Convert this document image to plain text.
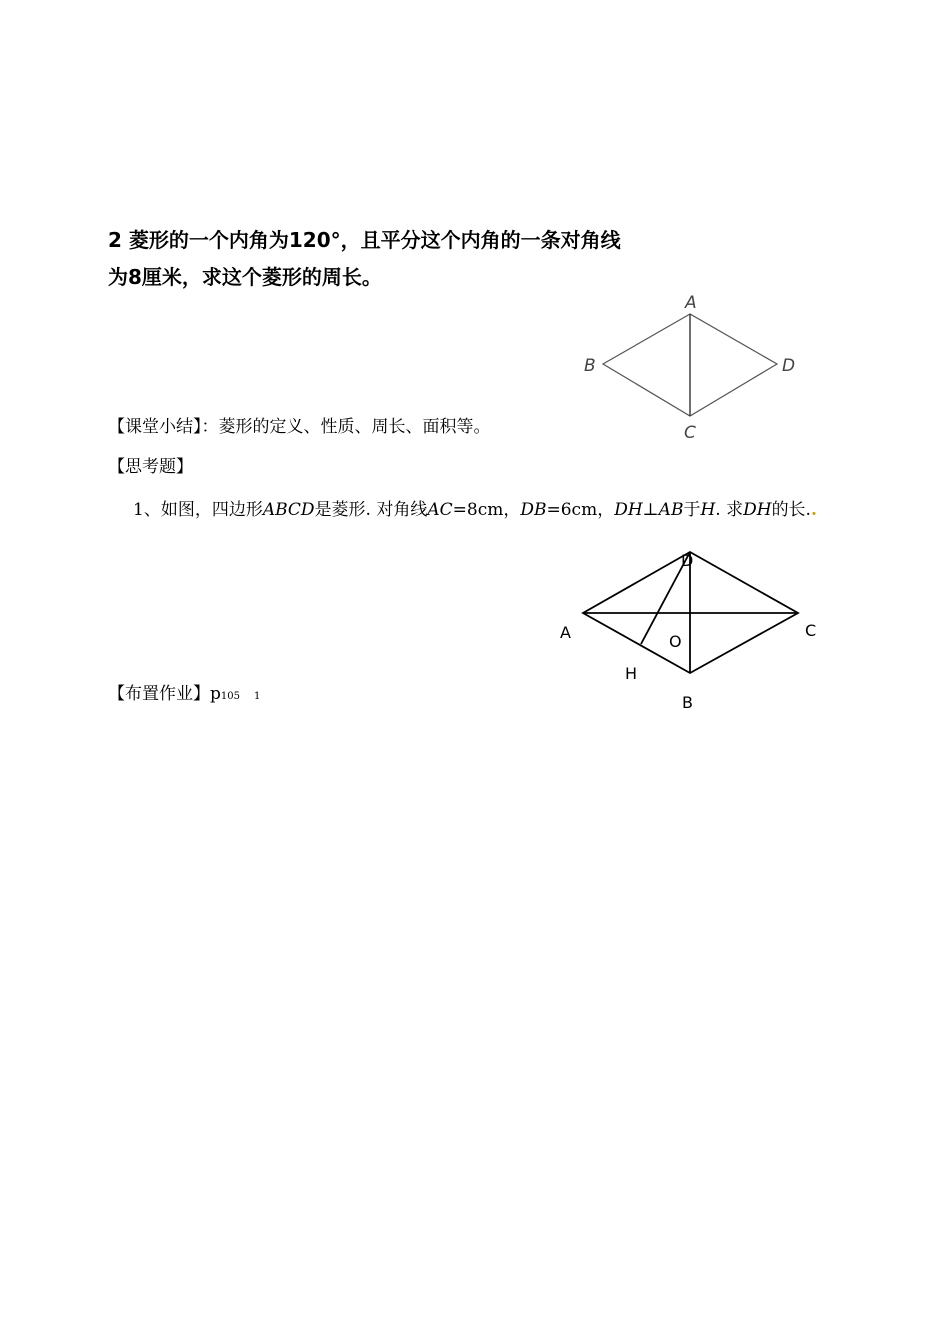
2 菱形的一个内角为120°，且平分这个内角的一条对角线
为8厘米，求这个菱形的周长。
A
B
C
D
【课堂小结】：菱形的定义、性质、周长、面积等。
【思考题】
1、如图，四边形ABCD是菱形. 对角线AC=8cm，DB=6cm，DH⊥AB于H. 求DH的长..
D
A	C
O
H
B
【布置作业】p105 1
